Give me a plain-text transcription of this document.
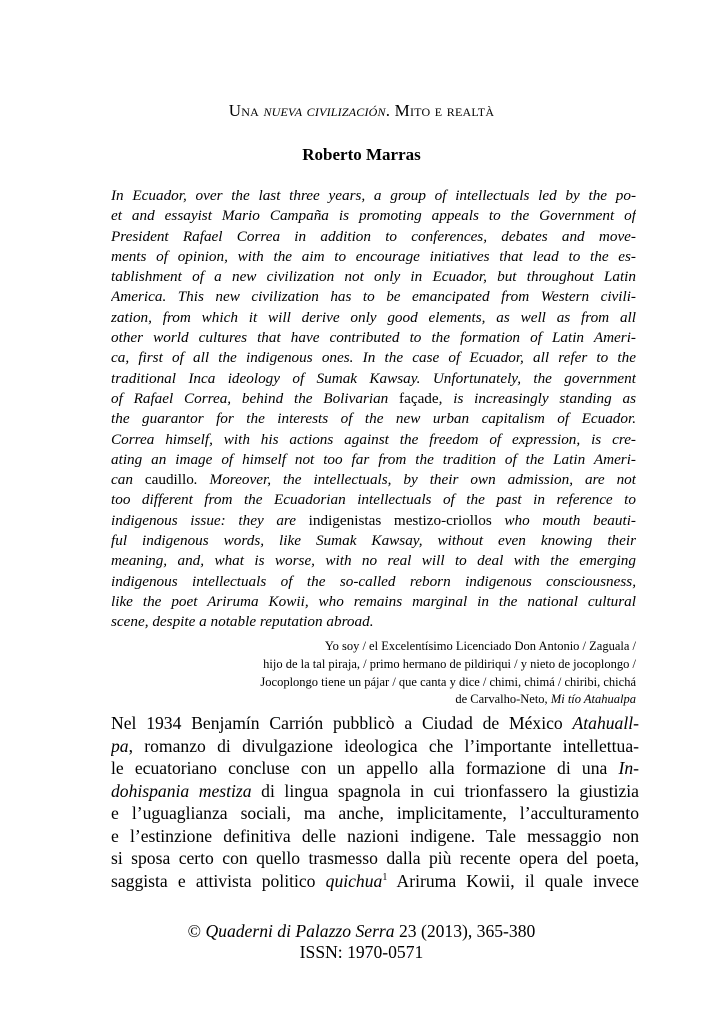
Una nueva civilización. Mito e realtà
Roberto Marras
In Ecuador, over the last three years, a group of intellectuals led by the po-
et and essayist Mario Campaña is promoting appeals to the Government of
President Rafael Correa in addition to conferences, debates and move-
ments of opinion, with the aim to encourage initiatives that lead to the es-
tablishment of a new civilization not only in Ecuador, but throughout Latin
America. This new civilization has to be emancipated from Western civili-
zation, from which it will derive only good elements, as well as from all
other world cultures that have contributed to the formation of Latin Ameri-
ca, first of all the indigenous ones. In the case of Ecuador, all refer to the
traditional Inca ideology of Sumak Kawsay. Unfortunately, the government
of Rafael Correa, behind the Bolivarian façade, is increasingly standing as
the guarantor for the interests of the new urban capitalism of Ecuador.
Correa himself, with his actions against the freedom of expression, is cre-
ating an image of himself not too far from the tradition of the Latin Ameri-
can caudillo. Moreover, the intellectuals, by their own admission, are not
too different from the Ecuadorian intellectuals of the past in reference to
indigenous issue: they are indigenistas mestizo-criollos who mouth beauti-
ful indigenous words, like Sumak Kawsay, without even knowing their
meaning, and, what is worse, with no real will to deal with the emerging
indigenous intellectuals of the so-called reborn indigenous consciousness,
like the poet Ariruma Kowii, who remains marginal in the national cultural
scene, despite a notable reputation abroad.
Yo soy / el Excelentísimo Licenciado Don Antonio / Zaguala /
hijo de la tal piraja, / primo hermano de pildiriqui / y nieto de jocoplongo /
Jocoplongo tiene un pájar / que canta y dice / chimi, chimá / chiribi, chichá
de Carvalho-Neto, Mi tío Atahualpa
Nel 1934 Benjamín Carrión pubblicò a Ciudad de México Atahuall-
pa, romanzo di divulgazione ideologica che l’importante intellettua-
le ecuatoriano concluse con un appello alla formazione di una In-
dohispania mestiza di lingua spagnola in cui trionfassero la giustizia
e l’uguaglianza sociali, ma anche, implicitamente, l’acculturamento
e l’estinzione definitiva delle nazioni indigene. Tale messaggio non
si sposa certo con quello trasmesso dalla più recente opera del poeta,
saggista e attivista politico quichua$^1$ Ariruma Kowii, il quale invece
© Quaderni di Palazzo Serra 23 (2013), 365-380
ISSN: 1970-0571
